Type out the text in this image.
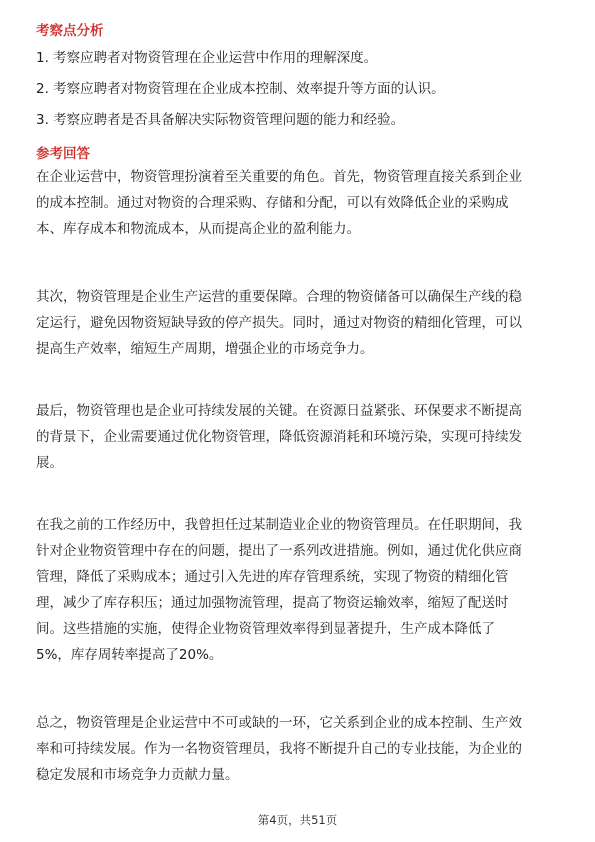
考察点分析
1. 考察应聘者对物资管理在企业运营中作用的理解深度。
2. 考察应聘者对物资管理在企业成本控制、效率提升等方面的认识。
3. 考察应聘者是否具备解决实际物资管理问题的能力和经验。
参考回答
在企业运营中，物资管理扮演着至关重要的角色。首先，物资管理直接关系到企业
的成本控制。通过对物资的合理采购、存储和分配，可以有效降低企业的采购成
本、库存成本和物流成本，从而提高企业的盈利能力。
其次，物资管理是企业生产运营的重要保障。合理的物资储备可以确保生产线的稳
定运行，避免因物资短缺导致的停产损失。同时，通过对物资的精细化管理，可以
提高生产效率，缩短生产周期，增强企业的市场竞争力。
最后，物资管理也是企业可持续发展的关键。在资源日益紧张、环保要求不断提高
的背景下，企业需要通过优化物资管理，降低资源消耗和环境污染，实现可持续发
展。
在我之前的工作经历中，我曾担任过某制造业企业的物资管理员。在任职期间，我
针对企业物资管理中存在的问题，提出了一系列改进措施。例如，通过优化供应商
管理，降低了采购成本；通过引入先进的库存管理系统，实现了物资的精细化管
理，减少了库存积压；通过加强物流管理，提高了物资运输效率，缩短了配送时
间。这些措施的实施，使得企业物资管理效率得到显著提升，生产成本降低了
5%，库存周转率提高了20%。
总之，物资管理是企业运营中不可或缺的一环，它关系到企业的成本控制、生产效
率和可持续发展。作为一名物资管理员，我将不断提升自己的专业技能，为企业的
稳定发展和市场竞争力贡献力量。
第4页，共51页
